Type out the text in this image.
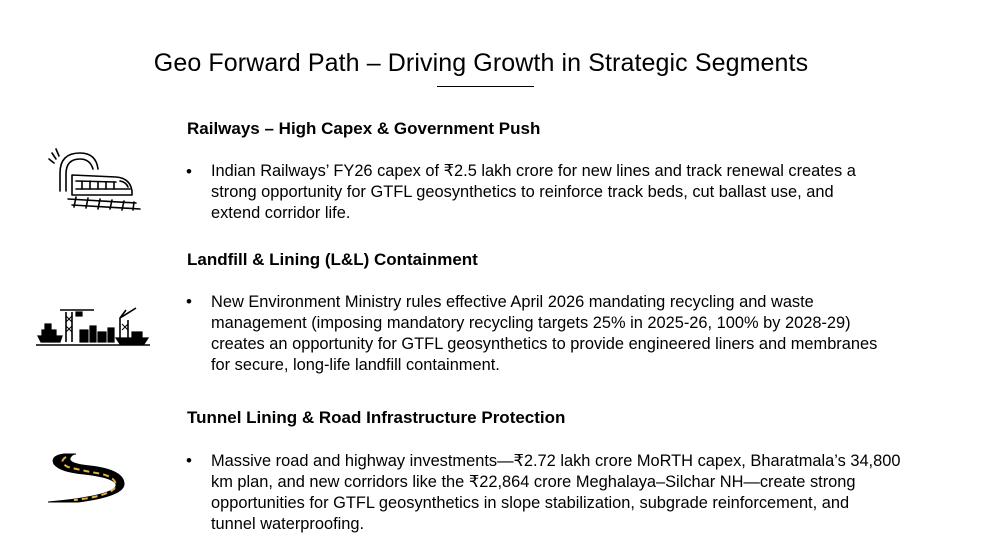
Geo Forward Path – Driving Growth in Strategic Segments
Railways – High Capex & Government Push
• Indian Railways’ FY26 capex of ₹2.5 lakh crore for new lines and track renewal creates a
strong opportunity for GTFL geosynthetics to reinforce track beds, cut ballast use, and
extend corridor life.
Landfill & Lining (L&L) Containment
• New Environment Ministry rules effective April 2026 mandating recycling and waste
management (imposing mandatory recycling targets 25% in 2025-26, 100% by 2028-29)
creates an opportunity for GTFL geosynthetics to provide engineered liners and membranes
for secure, long-life landfill containment.
Tunnel Lining & Road Infrastructure Protection
• Massive road and highway investments—₹2.72 lakh crore MoRTH capex, Bharatmala’s 34,800
km plan, and new corridors like the ₹22,864 crore Meghalaya–Silchar NH—create strong
opportunities for GTFL geosynthetics in slope stabilization, subgrade reinforcement, and
tunnel waterproofing.
